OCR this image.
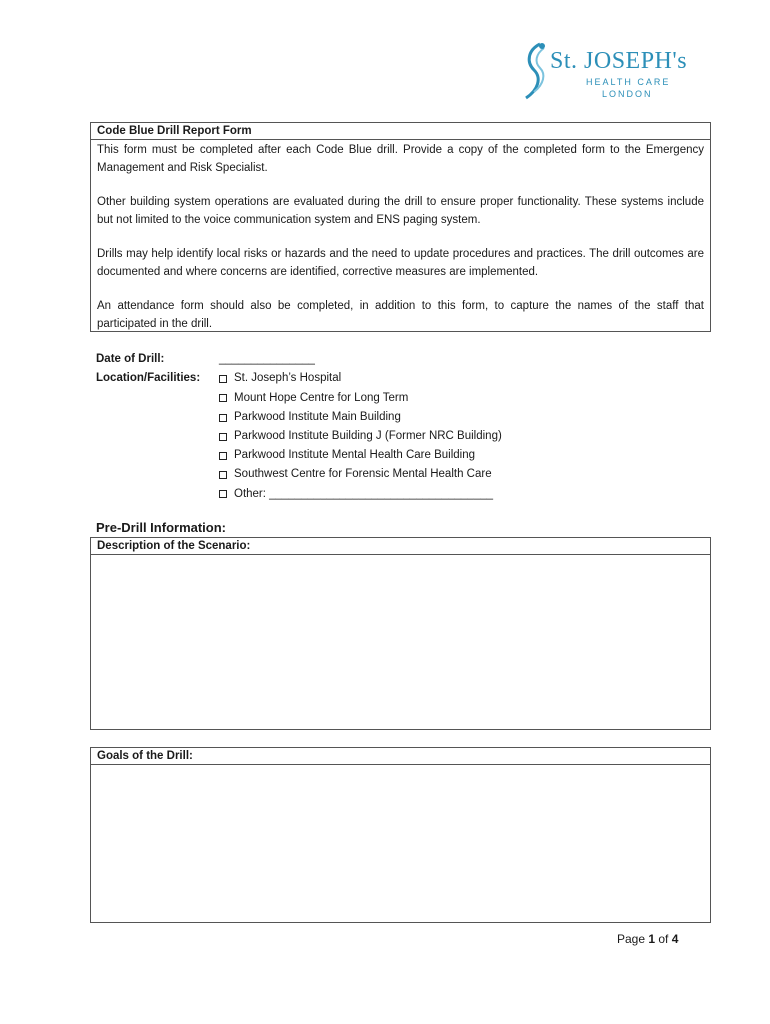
St. JOSEPH's
HEALTH CARE
LONDON
Code Blue Drill Report Form

This form must be completed after each Code Blue drill. Provide a copy of the completed form to the Emergency Management and Risk Specialist.

Other building system operations are evaluated during the drill to ensure proper functionality. These systems include but not limited to the voice communication system and ENS paging system.

Drills may help identify local risks or hazards and the need to update procedures and practices. The drill outcomes are documented and where concerns are identified, corrective measures are implemented.

An attendance form should also be completed, in addition to this form, to capture the names of the staff that participated in the drill.

Date of Drill:	_______________
Location/Facilities:	St. Joseph’s Hospital
Mount Hope Centre for Long Term
Parkwood Institute Main Building
Parkwood Institute Building J (Former NRC Building)
Parkwood Institute Mental Health Care Building
Southwest Centre for Forensic Mental Health Care
Other: ___________________________________
Pre-Drill Information:
Description of the Scenario:
Goals of the Drill:
Page 1 of 4
